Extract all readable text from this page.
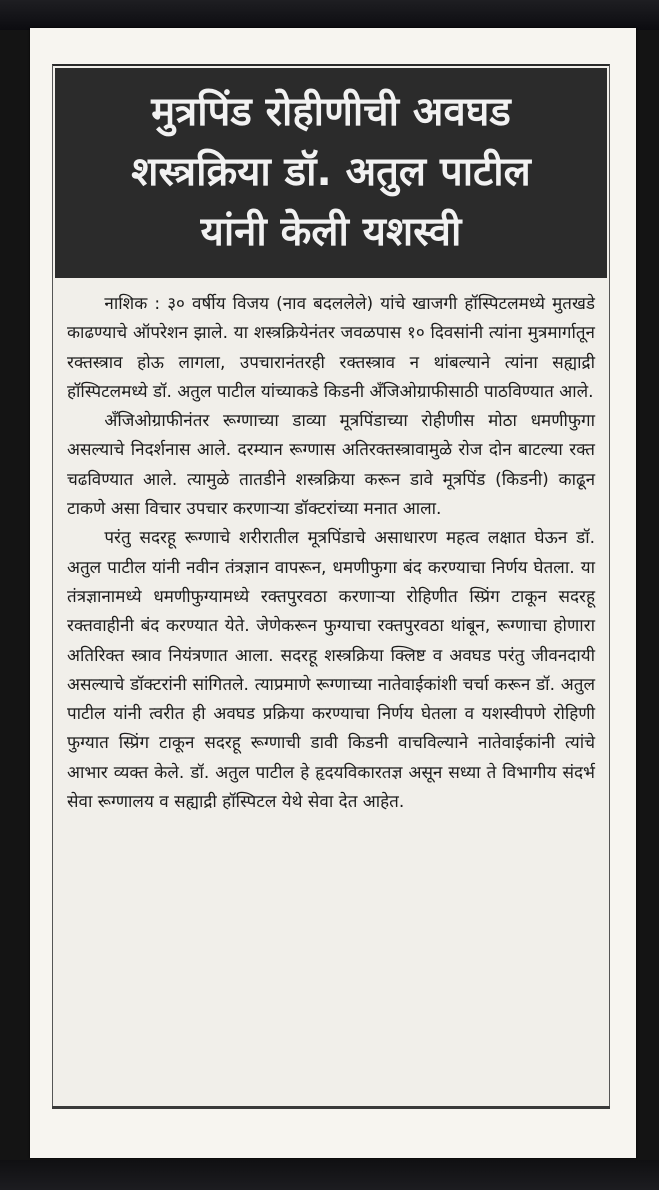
मुत्रपिंड रोहीणीची अवघड
शस्त्रक्रिया डॉ. अतुल पाटील
यांनी केली यशस्वी

नाशिक : ३० वर्षीय विजय (नाव बदललेले) यांचे खाजगी हॉस्पिटलमध्ये मुतखडे काढण्याचे ऑपरेशन झाले. या शस्त्रक्रियेनंतर जवळपास १० दिवसांनी त्यांना मुत्रमार्गातून रक्तस्त्राव होऊ लागला, उपचारानंतरही रक्तस्त्राव न थांबल्याने त्यांना सह्याद्री हॉस्पिटलमध्ये डॉ. अतुल पाटील यांच्याकडे किडनी अँजिओग्राफीसाठी पाठविण्यात आले.

अँजिओग्राफीनंतर रूग्णाच्या डाव्या मूत्रपिंडाच्या रोहीणीस मोठा धमणीफुगा असल्याचे निदर्शनास आले. दरम्यान रूग्णास अतिरक्तस्त्रावामुळे रोज दोन बाटल्या रक्त चढविण्यात आले. त्यामुळे तातडीने शस्त्रक्रिया करून डावे मूत्रपिंड (किडनी) काढून टाकणे असा विचार उपचार करणाऱ्या डॉक्टरांच्या मनात आला.

परंतु सदरहू रूग्णाचे शरीरातील मूत्रपिंडाचे असाधारण महत्व लक्षात घेऊन डॉ. अतुल पाटील यांनी नवीन तंत्रज्ञान वापरून, धमणीफुगा बंद करण्याचा निर्णय घेतला. या तंत्रज्ञानामध्ये धमणीफुग्यामध्ये रक्तपुरवठा करणाऱ्या रोहिणीत स्प्रिंग टाकून सदरहू रक्तवाहीनी बंद करण्यात येते. जेणेकरून फुग्याचा रक्तपुरवठा थांबून, रूग्णाचा होणारा अतिरिक्त स्त्राव नियंत्रणात आला. सदरहू शस्त्रक्रिया क्लिष्ट व अवघड परंतु जीवनदायी असल्याचे डॉक्टरांनी सांगितले. त्याप्रमाणे रूग्णाच्या नातेवाईकांशी चर्चा करून डॉ. अतुल पाटील यांनी त्वरीत ही अवघड प्रक्रिया करण्याचा निर्णय घेतला व यशस्वीपणे रोहिणी फुग्यात स्प्रिंग टाकून सदरहू रूग्णाची डावी किडनी वाचविल्याने नातेवाईकांनी त्यांचे आभार व्यक्त केले. डॉ. अतुल पाटील हे हृदयविकारतज्ञ असून सध्या ते विभागीय संदर्भ सेवा रूग्णालय व सह्याद्री हॉस्पिटल येथे सेवा देत आहेत.
